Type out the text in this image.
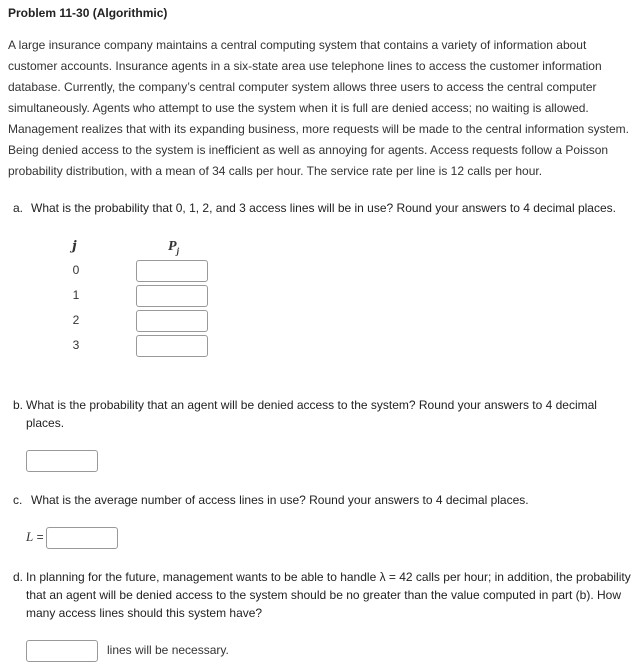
Problem 11-30 (Algorithmic)
A large insurance company maintains a central computing system that contains a variety of information about customer accounts. Insurance agents in a six-state area use telephone lines to access the customer information database. Currently, the company’s central computer system allows three users to access the central computer simultaneously. Agents who attempt to use the system when it is full are denied access; no waiting is allowed. Management realizes that with its expanding business, more requests will be made to the central information system. Being denied access to the system is inefficient as well as annoying for agents. Access requests follow a Poisson probability distribution, with a mean of 34 calls per hour. The service rate per line is 12 calls per hour.
a. What is the probability that 0, 1, 2, and 3 access lines will be in use? Round your answers to 4 decimal places.
j	$P_j$
0
1
2
3
b. What is the probability that an agent will be denied access to the system? Round your answers to 4 decimal places.
c. What is the average number of access lines in use? Round your answers to 4 decimal places.
L =
d. In planning for the future, management wants to be able to handle λ = 42 calls per hour; in addition, the probability that an agent will be denied access to the system should be no greater than the value computed in part (b). How many access lines should this system have?
lines will be necessary.
